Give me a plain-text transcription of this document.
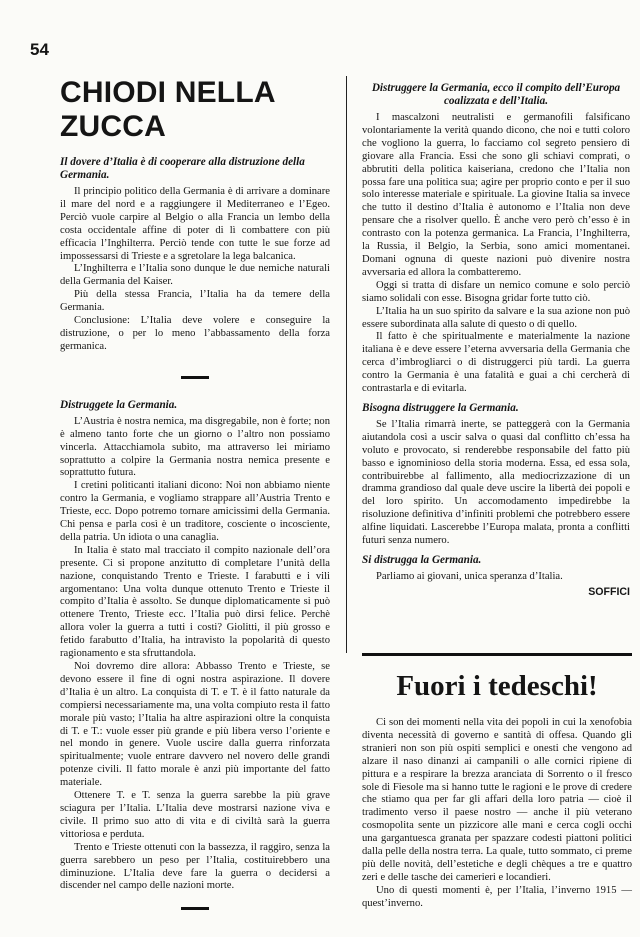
54
CHIODI NELLA ZUCCA
Il dovere d’Italia è di cooperare alla distruzione della Germania.

Il principio politico della Germania è di arrivare a dominare il mare del nord e a raggiungere il Mediterraneo e l’Egeo. Perciò vuole carpire al Belgio o alla Francia un lembo della costa occidentale affine di poter di lì combattere con più efficacia l’Inghilterra. Perciò tende con tutte le sue forze ad impossessarsi di Trieste e a sgretolare la lega balcanica.

L’Inghilterra e l’Italia sono dunque le due nemiche naturali della Germania del Kaiser.

Più della stessa Francia, l’Italia ha da temere della Germania.

Conclusione: L’Italia deve volere e conseguire la distruzione, o per lo meno l’abbassamento della forza germanica.

Distruggete la Germania.

L’Austria è nostra nemica, ma disgregabile, non è forte; non è almeno tanto forte che un giorno o l’altro non possiamo vincerla. Attacchiamola subito, ma attraverso lei miriamo soprattutto a colpire la Germania nostra nemica presente e soprattutto futura.

I cretini politicanti italiani dicono: Noi non abbiamo niente contro la Germania, e vogliamo strappare all’Austria Trento e Trieste, ecc. Dopo potremo tornare amicissimi della Germania. Chi pensa e parla così è un traditore, cosciente o incosciente, della patria. Un idiota o una canaglia.

In Italia è stato mal tracciato il compito nazionale dell’ora presente. Ci si propone anzitutto di completare l’unità della nazione, conquistando Trento e Trieste. I farabutti e i vili argomentano: Una volta dunque ottenuto Trento e Trieste il compito d’Italia è assolto. Se dunque diplomaticamente si può ottenere Trento, Trieste ecc. l’Italia può dirsi felice. Perchè allora voler la guerra a tutti i costi? Giolitti, il più grosso e fetido farabutto d’Italia, ha intravisto la popolarità di questo ragionamento e sta sfruttandola.

Noi dovremo dire allora: Abbasso Trento e Trieste, se devono essere il fine di ogni nostra aspirazione. Il dovere d’Italia è un altro. La conquista di T. e T. è il fatto naturale da compiersi necessariamente ma, una volta compiuto resta il fatto morale più vasto; l’Italia ha altre aspirazioni oltre la conquista di T. e T.: vuole esser più grande e più libera verso l’oriente e nel mondo in genere. Vuole uscire dalla guerra rinforzata spiritualmente; vuole entrare davvero nel novero delle grandi potenze civili. Il fatto morale è anzi più importante del fatto materiale.

Ottenere T. e T. senza la guerra sarebbe la più grave sciagura per l’Italia. L’Italia deve mostrarsi nazione viva e civile. Il primo suo atto di vita e di civiltà sarà la guerra vittoriosa e perduta.

Trento e Trieste ottenuti con la bassezza, il raggiro, senza la guerra sarebbero un peso per l’Italia, costituirebbero una diminuzione. L’Italia deve fare la guerra o decidersi a discender nel campo delle nazioni morte.

Distruggere la Germania, ecco il compito dell’Europa coalizzata e dell’Italia.

I mascalzoni neutralisti e germanofili falsificano volontariamente la verità quando dicono, che noi e tutti coloro che vogliono la guerra, lo facciamo col segreto pensiero di giovare alla Francia. Essi che sono gli schiavi comprati, o abbrutiti della politica kaiseriana, credono che l’Italia non possa fare una politica sua; agire per proprio conto e per il suo solo interesse materiale e spirituale. La giovine Italia sa invece che tutto il destino d’Italia è autonomo e l’Italia non deve pensare che a risolver quello. È anche vero però ch’esso è in contrasto con la potenza germanica. La Francia, l’Inghilterra, la Russia, il Belgio, la Serbia, sono amici momentanei. Domani ognuna di queste nazioni può divenire nostra avversaria ed allora la combatteremo.

Oggi si tratta di disfare un nemico comune e solo perciò siamo solidali con esse. Bisogna gridar forte tutto ciò.

L’Italia ha un suo spirito da salvare e la sua azione non può essere subordinata alla salute di questo o di quello.

Il fatto è che spiritualmente e materialmente la nazione italiana è e deve essere l’eterna avversaria della Germania che cerca d’imbrogliarci o di distruggerci più tardi. La guerra contro la Germania è una fatalità e guai a chi cercherà di contrastarla e di evitarla.

Bisogna distruggere la Germania.

Se l’Italia rimarrà inerte, se patteggerà con la Germania aiutandola così a uscir salva o quasi dal conflitto ch’essa ha voluto e provocato, si renderebbe responsabile del fatto più basso e ignominioso della storia moderna. Essa, ed essa sola, contribuirebbe al fallimento, alla mediocrizzazione di un dramma grandioso dal quale deve uscire la libertà dei popoli e del loro spirito. Un accomodamento impedirebbe la risoluzione definitiva d’infiniti problemi che potrebbero essere alfine liquidati. Lascerebbe l’Europa malata, pronta a conflitti futuri senza numero.

Si distrugga la Germania.

Parliamo ai giovani, unica speranza d’Italia.

SOFFICI
Fuori i tedeschi!

Ci son dei momenti nella vita dei popoli in cui la xenofobia diventa necessità di governo e santità di offesa. Quando gli stranieri non son più ospiti semplici e onesti che vengono ad alzare il naso dinanzi ai campanili o alle cornici ripiene di pittura e a respirare la brezza aranciata di Sorrento o il fresco sole di Fiesole ma si hanno tutte le ragioni e le prove di credere che stiamo qua per far gli affari della loro patria — cioè il tradimento verso il paese nostro — anche il più veterano cosmopolita sente un pizzicore alle mani e cerca cogli occhi una gargantuesca granata per spazzare codesti piattoni politici dalla pelle della nostra terra. La quale, tutto sommato, ci preme più delle novità, dell’estetiche e degli chèques a tre e quattro zeri e delle tasche dei camerieri e locandieri.

Uno di questi momenti è, per l’Italia, l’inverno 1915 — quest’inverno.
